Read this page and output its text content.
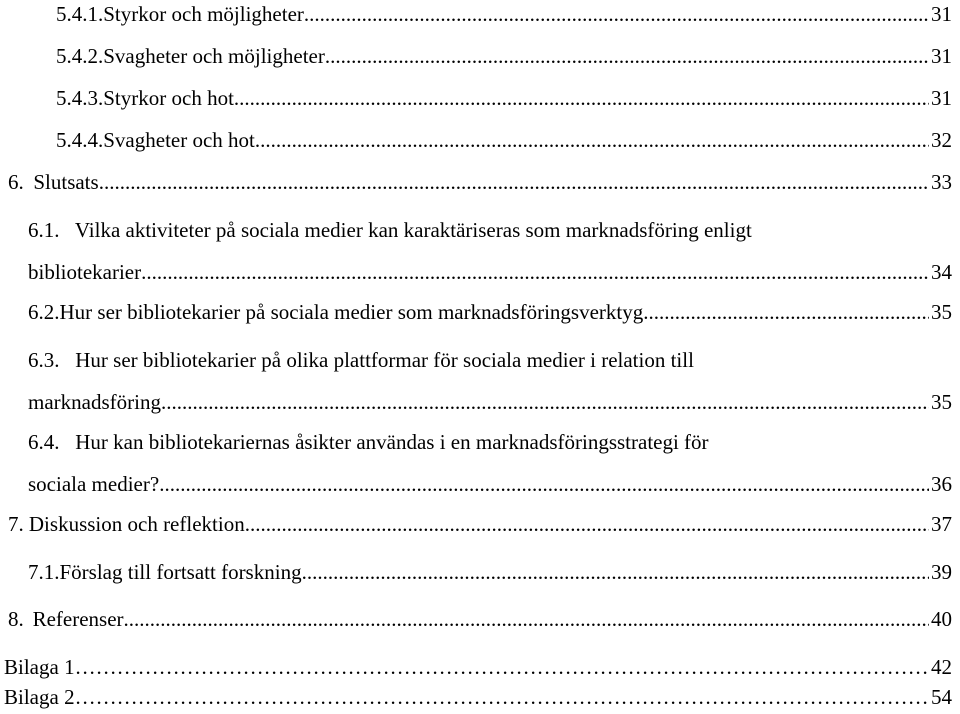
5.4.1. Styrkor och möjligheter .....	31
5.4.2. Svagheter och möjligheter .....	31
5.4.3. Styrkor och hot .....	31
5.4.4. Svagheter och hot .....	32
6. Slutsats .....	33
6.1. Vilka aktiviteter på sociala medier kan karaktäriseras som marknadsföring enligt
bibliotekarier .....	34
6.2. Hur ser bibliotekarier på sociala medier som marknadsföringsverktyg .....	35
6.3. Hur ser bibliotekarier på olika plattformar för sociala medier i relation till
marknadsföring .....	35
6.4. Hur kan bibliotekariernas åsikter användas i en marknadsföringsstrategi för
sociala medier? .....	36
7. Diskussion och reflektion .....	37
7.1. Förslag till fortsatt forskning .....	39
8. Referenser .....	40
Bilaga 1 ……………………………………………………………………………………………………………………………………………………………………………………………………………………………	42
Bilaga 2 ……………………………………………………………………………………………………………………………………………………………………………………………………………………………	54
